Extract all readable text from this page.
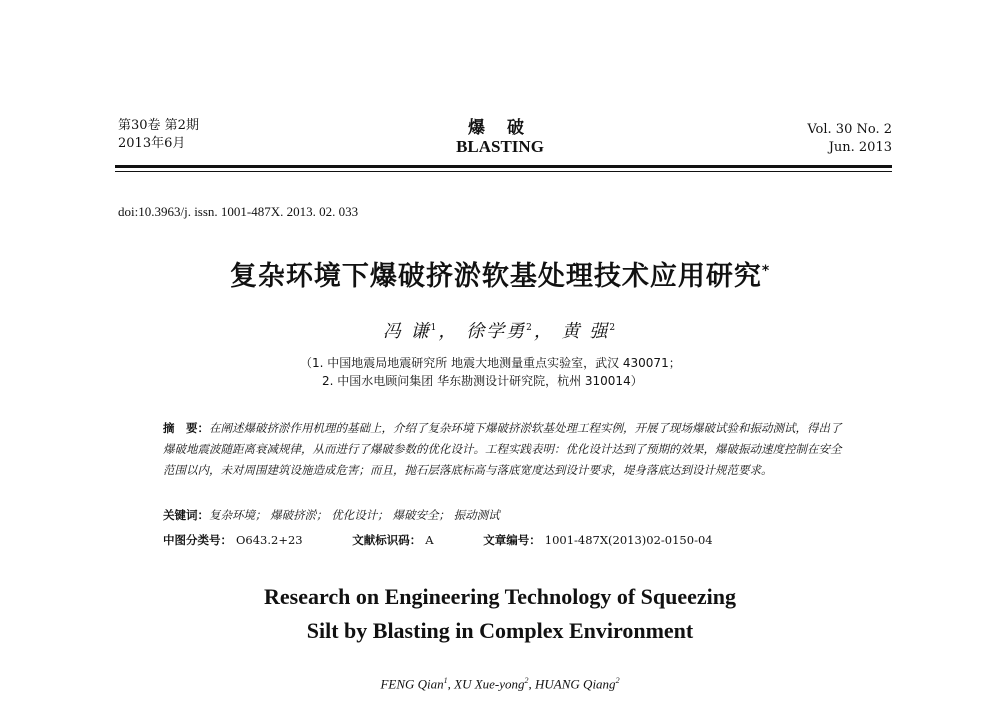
第30卷 第2期
2013年6月
爆 破
BLASTING
Vol. 30 No. 2
Jun. 2013
doi:10.3963/j. issn. 1001-487X. 2013. 02. 033
复杂环境下爆破挤淤软基处理技术应用研究*
冯 谦$^1$， 徐学勇$^2$， 黄 强$^2$
（1. 中国地震局地震研究所 地震大地测量重点实验室，武汉 430071；
2. 中国水电顾问集团 华东勘测设计研究院，杭州 310014）
摘　要：在阐述爆破挤淤作用机理的基础上，介绍了复杂环境下爆破挤淤软基处理工程实例，开展了现场爆破试验和振动测试，得出了爆破地震波随距离衰减规律，从而进行了爆破参数的优化设计。工程实践表明：优化设计达到了预期的效果，爆破振动速度控制在安全范围以内，未对周围建筑设施造成危害；而且，抛石层落底标高与落底宽度达到设计要求，堤身落底达到设计规范要求。
关键词：复杂环境； 爆破挤淤； 优化设计； 爆破安全； 振动测试
中图分类号： O643.2+23	文献标识码： A	文章编号： 1001-487X(2013)02-0150-04
Research on Engineering Technology of Squeezing
Silt by Blasting in Complex Environment
FENG Qian$^1$, XU Xue-yong$^2$, HUANG Qiang$^2$
